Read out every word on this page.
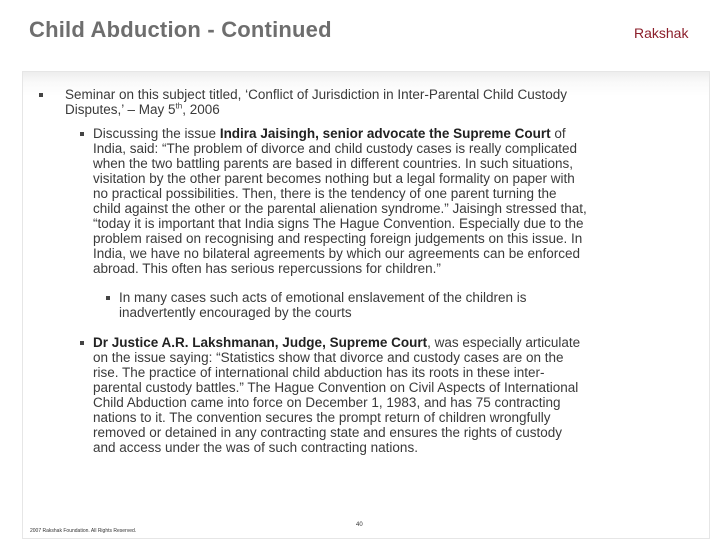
Child Abduction - Continued	Rakshak
Seminar on this subject titled, ‘Conflict of Jurisdiction in Inter-Parental Child Custody
Disputes,’ – May 5th, 2006
Discussing the issue Indira Jaisingh, senior advocate the Supreme Court of
India, said: “The problem of divorce and child custody cases is really complicated
when the two battling parents are based in different countries. In such situations,
visitation by the other parent becomes nothing but a legal formality on paper with
no practical possibilities. Then, there is the tendency of one parent turning the
child against the other or the parental alienation syndrome.” Jaisingh stressed that,
“today it is important that India signs The Hague Convention. Especially due to the
problem raised on recognising and respecting foreign judgements on this issue. In
India, we have no bilateral agreements by which our agreements can be enforced
abroad. This often has serious repercussions for children.”
In many cases such acts of emotional enslavement of the children is
inadvertently encouraged by the courts
Dr Justice A.R. Lakshmanan, Judge, Supreme Court, was especially articulate
on the issue saying: “Statistics show that divorce and custody cases are on the
rise. The practice of international child abduction has its roots in these inter-
parental custody battles.” The Hague Convention on Civil Aspects of International
Child Abduction came into force on December 1, 1983, and has 75 contracting
nations to it. The convention secures the prompt return of children wrongfully
removed or detained in any contracting state and ensures the rights of custody
and access under the was of such contracting nations.
2007 Rakshak Foundation. All Rights Reserved.
40
